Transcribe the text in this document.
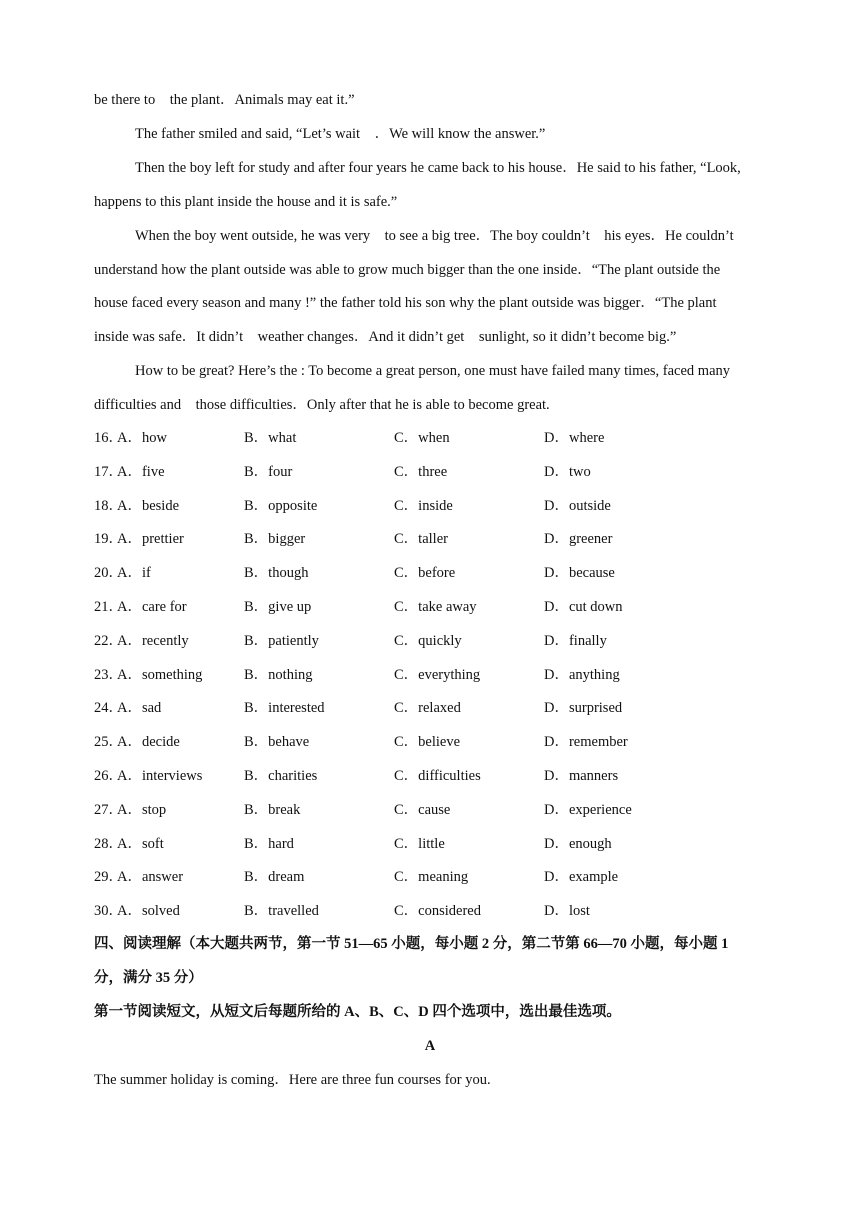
be there to　the plant．Animals may eat it.”
The father smiled and said, “Let’s wait　．We will know the answer.”
Then the boy left for study and after four years he came back to his house．He said to his father, “Look,
happens to this plant inside the house and it is safe.”
When the boy went outside, he was very　to see a big tree．The boy couldn’t　his eyes．He couldn’t
understand how the plant outside was able to grow much bigger than the one inside．“The plant outside the
house faced every season and many !” the father told his son why the plant outside was bigger．“The plant
inside was safe．It didn’t　weather changes．And it didn’t get　sunlight, so it didn’t become big.”
How to be great? Here’s the : To become a great person, one must have failed many times, faced many
difficulties and　those difficulties．Only after that he is able to become great.
16．
A．how	B．what	C．when	D．where
17．
A．five	B．four	C．three	D．two
18．
A．beside	B．opposite	C．inside	D．outside
19．
A．prettier	B．bigger	C．taller	D．greener
20．
A．if	B．though	C．before	D．because
21．
A．care for	B．give up	C．take away	D．cut down
22．
A．recently	B．patiently	C．quickly	D．finally
23．
A．something	B．nothing	C．everything	D．anything
24．
A．sad	B．interested	C．relaxed	D．surprised
25．
A．decide	B．behave	C．believe	D．remember
26．
A．interviews	B．charities	C．difficulties	D．manners
27．
A．stop	B．break	C．cause	D．experience
28．
A．soft	B．hard	C．little	D．enough
29．
A．answer	B．dream	C．meaning	D．example
30．
A．solved	B．travelled	C．considered	D．lost
四、阅读理解（本大题共两节，第一节 51—65 小题，每小题 2 分，第二节第 66—70 小题，每小题 1
分，满分 35 分）
第一节阅读短文，从短文后每题所给的 A、B、C、D 四个选项中，选出最佳选项。
A
The summer holiday is coming．Here are three fun courses for you.
